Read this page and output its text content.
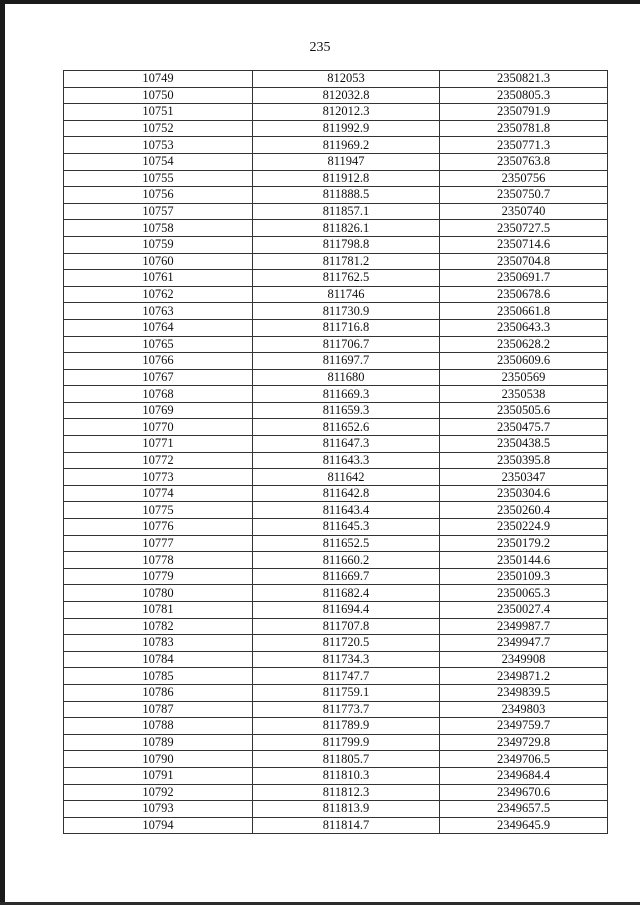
235
10749	812053	2350821.3
10750	812032.8	2350805.3
10751	812012.3	2350791.9
10752	811992.9	2350781.8
10753	811969.2	2350771.3
10754	811947	2350763.8
10755	811912.8	2350756
10756	811888.5	2350750.7
10757	811857.1	2350740
10758	811826.1	2350727.5
10759	811798.8	2350714.6
10760	811781.2	2350704.8
10761	811762.5	2350691.7
10762	811746	2350678.6
10763	811730.9	2350661.8
10764	811716.8	2350643.3
10765	811706.7	2350628.2
10766	811697.7	2350609.6
10767	811680	2350569
10768	811669.3	2350538
10769	811659.3	2350505.6
10770	811652.6	2350475.7
10771	811647.3	2350438.5
10772	811643.3	2350395.8
10773	811642	2350347
10774	811642.8	2350304.6
10775	811643.4	2350260.4
10776	811645.3	2350224.9
10777	811652.5	2350179.2
10778	811660.2	2350144.6
10779	811669.7	2350109.3
10780	811682.4	2350065.3
10781	811694.4	2350027.4
10782	811707.8	2349987.7
10783	811720.5	2349947.7
10784	811734.3	2349908
10785	811747.7	2349871.2
10786	811759.1	2349839.5
10787	811773.7	2349803
10788	811789.9	2349759.7
10789	811799.9	2349729.8
10790	811805.7	2349706.5
10791	811810.3	2349684.4
10792	811812.3	2349670.6
10793	811813.9	2349657.5
10794	811814.7	2349645.9
